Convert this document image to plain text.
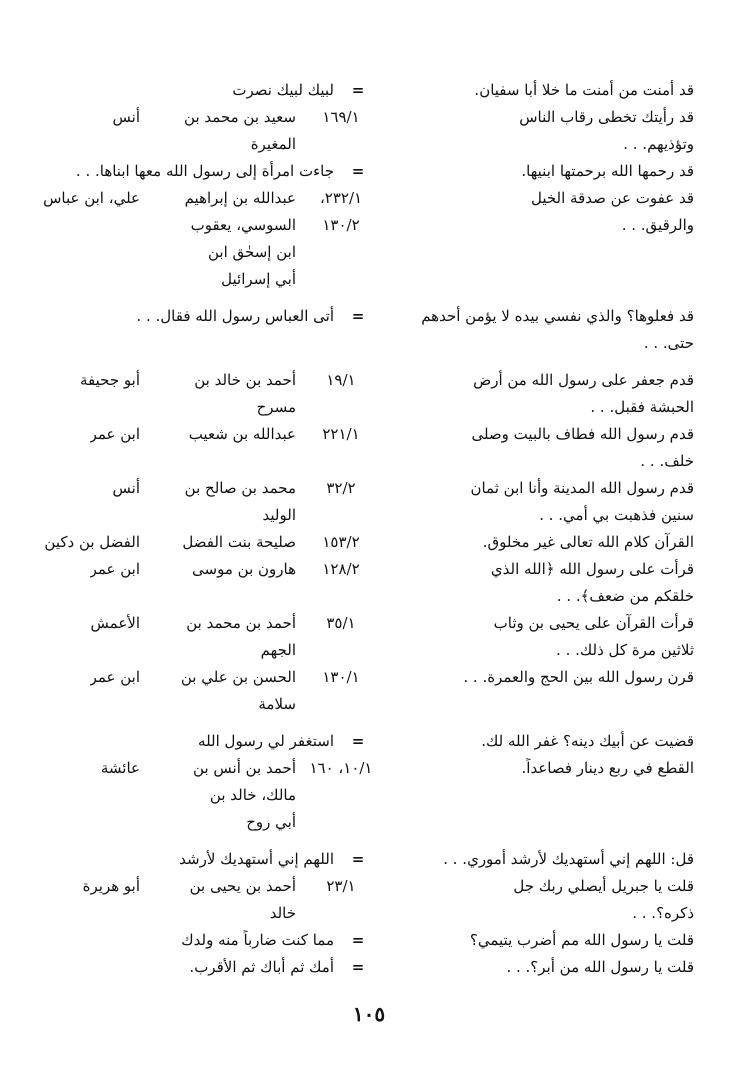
قد أمنت من أمنت ما خلا أبا سفيان.
=
لبيك لبيك نصرت
قد رأيتك تخطى رقاب الناس
١٦٩/١
سعيد بن محمد بن
أنس
وتؤذيهم. . .
المغيرة
قد رحمها الله برحمتها ابنيها.
=
جاءت امرأة إلى رسول الله معها ابناها. . .
قد عفوت عن صدقة الخيل
٢٣٢/١،
عبدالله بن إبراهيم
علي، ابن عباس
والرقيق. . .
١٣٠/٢
السوسي، يعقوب
ابن إسحٰق ابن
أبي إسرائيل
قد فعلوها؟ والذي نفسي بيده لا يؤمن أحدهم
=
أتى العباس رسول الله فقال. . .
حتى. . .
قدم جعفر على رسول الله من أرض
١٩/١
أحمد بن خالد بن
أبو جحيفة
الحبشة فقبل. . .
مسرح
قدم رسول الله فطاف بالبيت وصلى
٢٢١/١
عبدالله بن شعيب
ابن عمر
خلف. . .
قدم رسول الله المدينة وأنا ابن ثمان
٣٢/٢
محمد بن صالح بن
أنس
سنين فذهبت بي أمي. . .
الوليد
القرآن كلام الله تعالى غير مخلوق.
١٥٣/٢
صليحة بنت الفضل
الفضل بن دكين
قرأت على رسول الله ﴿الله الذي
١٢٨/٢
هارون بن موسى
ابن عمر
خلقكم من ضعف﴾. . .
قرأت القرآن على يحيى بن وثاب
٣٥/١
أحمد بن محمد بن
الأعمش
ثلاثين مرة كل ذلك. . .
الجهم
قرن رسول الله بين الحج والعمرة. . .
١٣٠/١
الحسن بن علي بن
ابن عمر
سلامة
قضيت عن أبيك دينه؟ غفر الله لك.
=
استغفر لي رسول الله
القطع في ربع دينار فصاعداً.
١٠/١، ١٦٠
أحمد بن أنس بن
عائشة
مالك، خالد بن
أبي روح
قل: اللهم إني أستهديك لأرشد أموري. . .
=
اللهم إني أستهديك لأرشد
قلت يا جبريل أيصلي ربك جل
٢٣/١
أحمد بن يحيى بن
أبو هريرة
ذكره؟. . .
خالد
قلت يا رسول الله مم أضرب يتيمي؟
=
مما كنت ضارباً منه ولدك
قلت يا رسول الله من أبر؟. . .
=
أمك ثم أباك ثم الأقرب.
١٠٥
